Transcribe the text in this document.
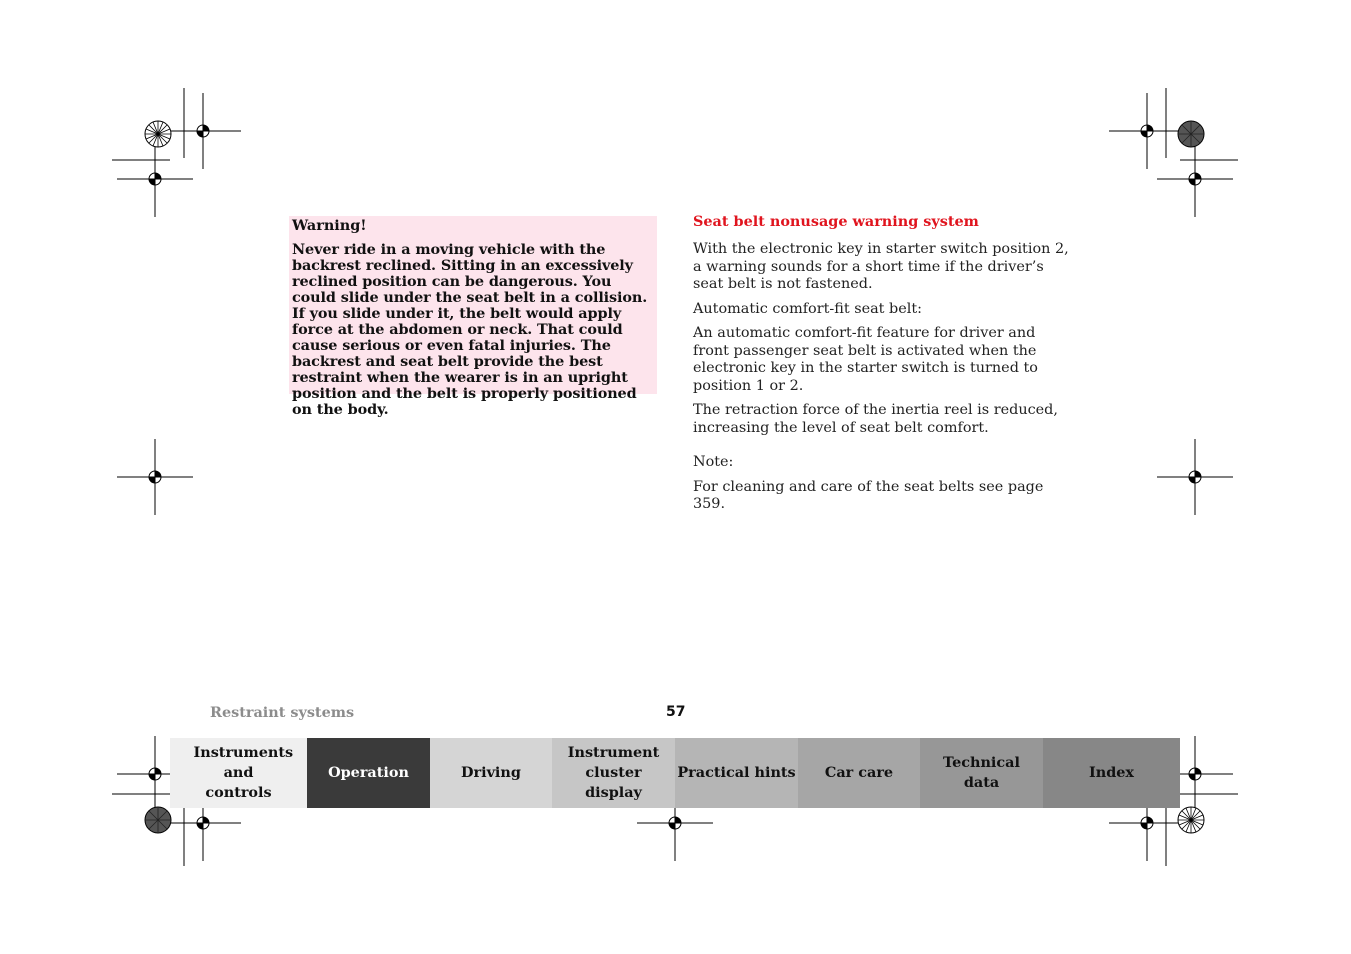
Warning!

Never ride in a moving vehicle with the backrest reclined. Sitting in an excessively reclined position can be dangerous. You could slide under the seat belt in a collision. If you slide under it, the belt would apply force at the abdomen or neck. That could cause serious or even fatal injuries. The backrest and seat belt provide the best restraint when the wearer is in an upright position and the belt is properly positioned on the body.

Seat belt nonusage warning system

With the electronic key in starter switch position 2, a warning sounds for a short time if the driver’s seat belt is not fastened.

Automatic comfort-fit seat belt:

An automatic comfort-fit feature for driver and front passenger seat belt is activated when the electronic key in the starter switch is turned to position 1 or 2.

The retraction force of the inertia reel is reduced, increasing the level of seat belt comfort.

Note:

For cleaning and care of the seat belts see page 359.

Restraint systems	57
Instruments and controls
Operation	Driving
Instrument cluster display
Practical hints Car care
Technical data
Index
